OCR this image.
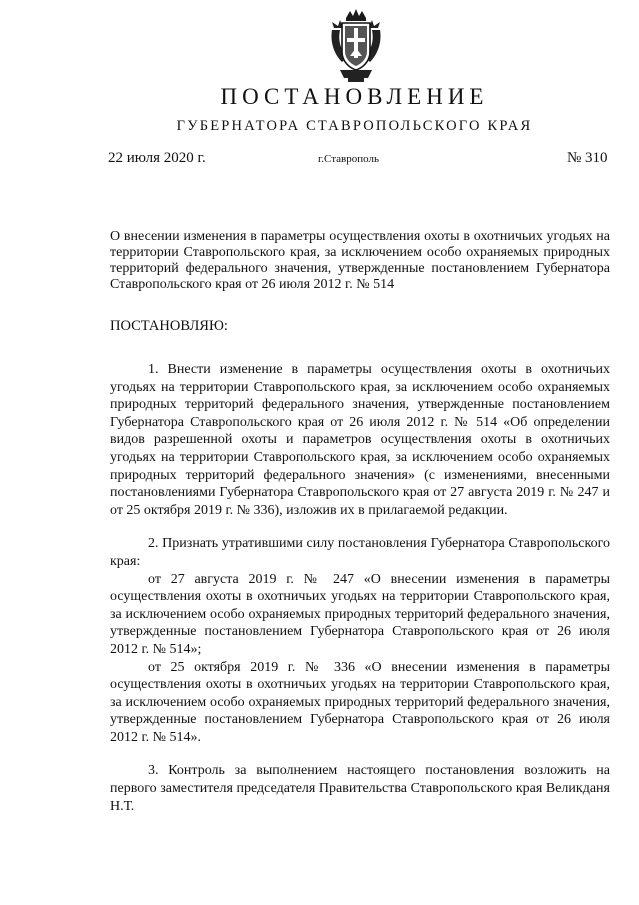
ПОСТАНОВЛЕНИЕ
ГУБЕРНАТОРА СТАВРОПОЛЬСКОГО КРАЯ
22 июля 2020 г.	г.Ставрополь	№ 310
О внесении изменения в параметры осуществления охоты в охотничьих угодьях на территории Ставропольского края, за исключением особо охраняемых природных территорий федерального значения, утвержденные постановлением Губернатора Ставропольского края от 26 июля 2012 г. № 514
ПОСТАНОВЛЯЮ:

1. Внести изменение в параметры осуществления охоты в охотничьих угодьях на территории Ставропольского края, за исключением особо охраняемых природных территорий федерального значения, утвержденные постановлением Губернатора Ставропольского края от 26 июля 2012 г. № 514 «Об определении видов разрешенной охоты и параметров осуществления охоты в охотничьих угодьях на территории Ставропольского края, за исключением особо охраняемых природных территорий федерального значения» (с изменениями, внесенными постановлениями Губернатора Ставропольского края от 27 августа 2019 г. № 247 и от 25 октября 2019 г. № 336), изложив их в прилагаемой редакции.

2. Признать утратившими силу постановления Губернатора Ставропольского края:

от 27 августа 2019 г. № 247 «О внесении изменения в параметры осуществления охоты в охотничьих угодьях на территории Ставропольского края, за исключением особо охраняемых природных территорий федерального значения, утвержденные постановлением Губернатора Ставропольского края от 26 июля 2012 г. № 514»;

от 25 октября 2019 г. № 336 «О внесении изменения в параметры осуществления охоты в охотничьих угодьях на территории Ставропольского края, за исключением особо охраняемых природных территорий федерального значения, утвержденные постановлением Губернатора Ставропольского края от 26 июля 2012 г. № 514».

3. Контроль за выполнением настоящего постановления возложить на первого заместителя председателя Правительства Ставропольского края Великданя Н.Т.
